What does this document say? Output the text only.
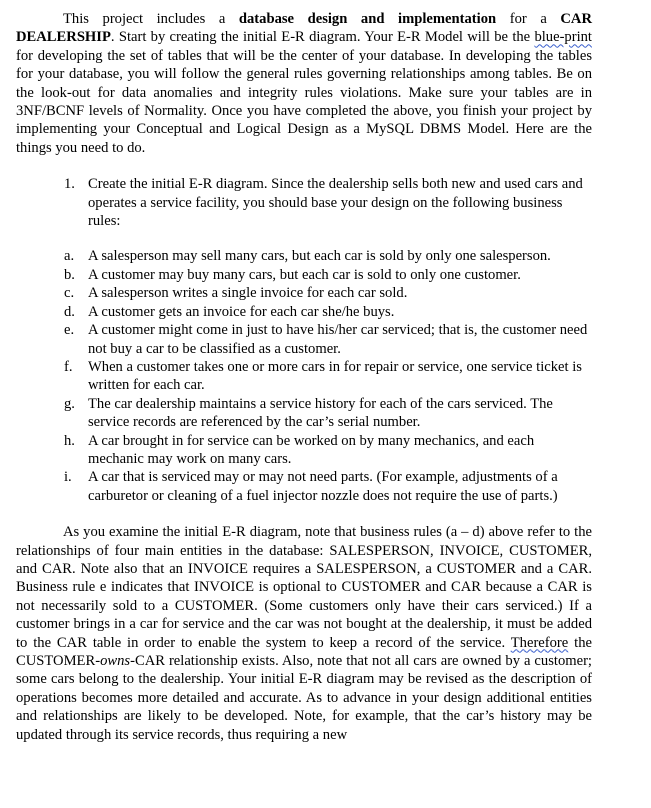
This project includes a database design and implementation for a CAR DEALERSHIP. Start by creating the initial E-R diagram. Your E-R Model will be the blue-print for developing the set of tables that will be the center of your database. In developing the tables for your database, you will follow the general rules governing relationships among tables. Be on the look-out for data anomalies and integrity rules violations. Make sure your tables are in 3NF/BCNF levels of Normality. Once you have completed the above, you finish your project by implementing your Conceptual and Logical Design as a MySQL DBMS Model. Here are the things you need to do.

1. Create the initial E-R diagram. Since the dealership sells both new and used cars and operates a service facility, you should base your design on the following business rules:
a. A salesperson may sell many cars, but each car is sold by only one salesperson.
b. A customer may buy many cars, but each car is sold to only one customer.
c. A salesperson writes a single invoice for each car sold.
d. A customer gets an invoice for each car she/he buys.
e. A customer might come in just to have his/her car serviced; that is, the customer need not buy a car to be classified as a customer.
f.	When a customer takes one or more cars in for repair or service, one service ticket is written for each car.
g. The car dealership maintains a service history for each of the cars serviced. The service records are referenced by the car’s serial number.
h. A car brought in for service can be worked on by many mechanics, and each mechanic may work on many cars.
i.	A car that is serviced may or may not need parts. (For example, adjustments of a carburetor or cleaning of a fuel injector nozzle does not require the use of parts.)

As you examine the initial E-R diagram, note that business rules (a – d) above refer to the relationships of four main entities in the database: SALESPERSON, INVOICE, CUSTOMER, and CAR. Note also that an INVOICE requires a SALESPERSON, a CUSTOMER and a CAR. Business rule e indicates that INVOICE is optional to CUSTOMER and CAR because a CAR is not necessarily sold to a CUSTOMER. (Some customers only have their cars serviced.) If a customer brings in a car for service and the car was not bought at the dealership, it must be added to the CAR table in order to enable the system to keep a record of the service. Therefore the CUSTOMER-owns-CAR relationship exists. Also, note that not all cars are owned by a customer; some cars belong to the dealership. Your initial E-R diagram may be revised as the description of operations becomes more detailed and accurate. As to advance in your design additional entities and relationships are likely to be developed. Note, for example, that the car’s history may be updated through its service records, thus requiring a new
